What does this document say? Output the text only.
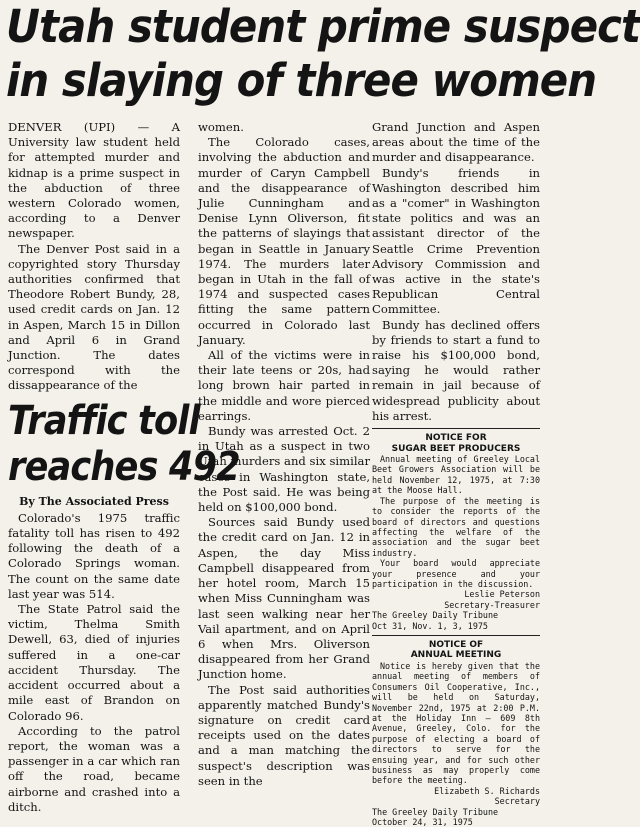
Utah student prime suspect
in slaying of three women

DENVER (UPI) — A University law student held for attempted murder and kidnap is a prime suspect in the abduction of three western Colorado women, according to a Denver newspaper.

The Denver Post said in a copyrighted story Thursday authorities confirmed that Theodore Robert Bundy, 28, used credit cards on Jan. 12 in Aspen, March 15 in Dillon and April 6 in Grand Junction. The dates correspond with the dissappearance of the

Traffic toll
reaches 492

By The Associated Press

Colorado's 1975 traffic fatality toll has risen to 492 following the death of a Colorado Springs woman. The count on the same date last year was 514.

The State Patrol said the victim, Thelma Smith Dewell, 63, died of injuries suffered in a one-car accident Thursday. The accident occurred about a mile east of Brandon on Colorado 96.

According to the patrol report, the woman was a passenger in a car which ran off the road, became airborne and crashed into a ditch.

women.

The Colorado cases, involving the abduction and murder of Caryn Campbell and the disappearance of Julie Cunningham and Denise Lynn Oliverson, fit the patterns of slayings that began in Seattle in January 1974. The murders later began in Utah in the fall of 1974 and suspected cases fitting the same pattern occurred in Colorado last January.

All of the victims were in their late teens or 20s, had long brown hair parted in the middle and wore pierced earrings.

Bundy was arrested Oct. 2 in Utah as a suspect in two Utah murders and six similar cases in Washington state, the Post said. He was being held on $100,000 bond.

Sources said Bundy used the credit card on Jan. 12 in Aspen, the day Miss Campbell disappeared from her hotel room, March 15 when Miss Cunningham was last seen walking near her Vail apartment, and on April 6 when Mrs. Oliverson disappeared from her Grand Junction home.

The Post said authorities apparently matched Bundy's signature on credit card receipts used on the dates and a man matching the suspect's description was seen in the

Grand Junction and Aspen areas about the time of the murder and disappearance.

Bundy's friends in Washington described him as a "comer" in Washington state politics and was an assistant director of the Seattle Crime Prevention Advisory Commission and was active in the state's Republican Central Committee.

Bundy has declined offers by friends to start a fund to raise his $100,000 bond, saying he would rather remain in jail because of widespread publicity about his arrest.

NOTICE FOR
SUGAR BEET PRODUCERS

Annual meeting of Greeley Local Beet Growers Association will be held November 12, 1975, at 7:30 at the Moose Hall.

The purpose of the meeting is to consider the reports of the board of directors and questions affecting the welfare of the association and the sugar beet industry.

Your board would appreciate your presence and your participation in the discussion.

Leslie Peterson

Secretary-Treasurer

The Greeley Daily Tribune

Oct 31, Nov. 1, 3, 1975

NOTICE OF
ANNUAL MEETING

Notice is hereby given that the annual meeting of members of Consumers Oil Cooperative, Inc., will be held on Saturday, November 22nd, 1975 at 2:00 P.M. at the Holiday Inn — 609 8th Avenue, Greeley, Colo. for the purpose of electing a board of directors to serve for the ensuing year, and for such other business as may properly come before the meeting.

Elizabeth S. Richards

Secretary

The Greeley Daily Tribune

October 24, 31, 1975
